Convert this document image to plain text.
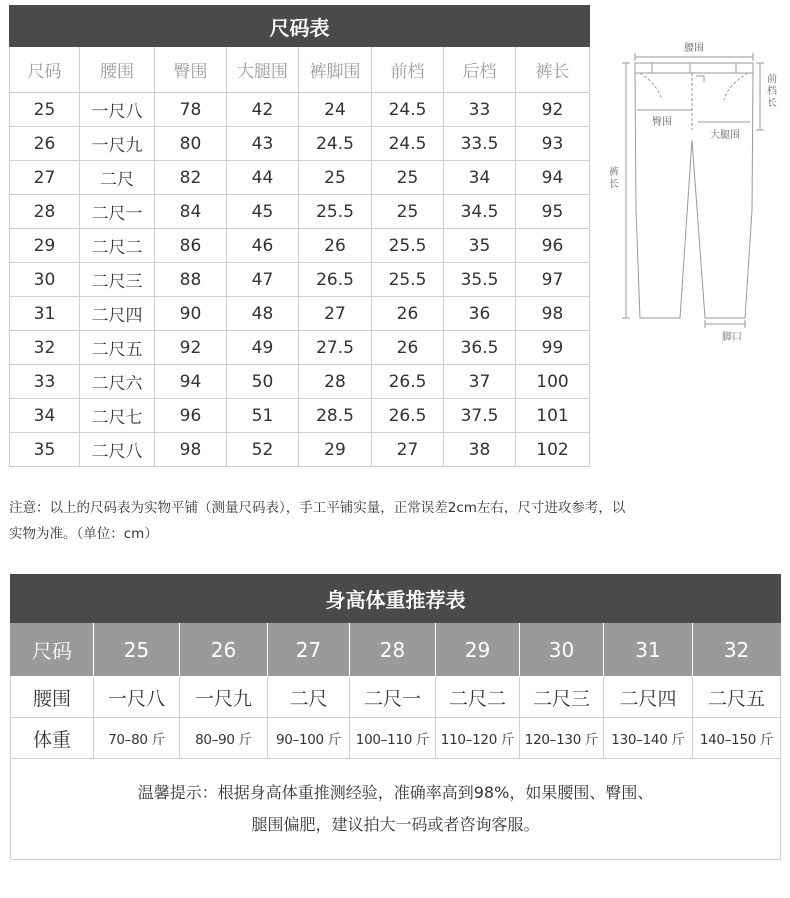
尺码表							
尺码	腰围	臀围	大腿围	裤脚围	前档	后档	裤长
25	一尺八	78	42	24	24.5	33	92
26	一尺九	80	43	24.5	24.5	33.5	93
27	二尺	82	44	25	25	34	94
28	二尺一	84	45	25.5	25	34.5	95
29	二尺二	86	46	26	25.5	35	96
30	二尺三	88	47	26.5	25.5	35.5	97
31	二尺四	90	48	27	26	36	98
32	二尺五	92	49	27.5	26	36.5	99
33	二尺六	94	50	28	26.5	37	100
34	二尺七	96	51	28.5	26.5	37.5	101
35	二尺八	98	52	29	27	38	102
腰围
前
档
长
臀围
大腿围
裤
长
脚口

注意：以上的尺码表为实物平铺（测量尺码表），手工平铺实量，正常误差2cm左右，尺寸进攻参考，以
实物为准。（单位：cm）

身高体重推荐表								
尺码	25	26	27	28	29	30	31	32
腰围	一尺八	一尺九	二尺	二尺一	二尺二	二尺三	二尺四	二尺五
体重	70–80 斤	80–90 斤	90–100 斤	100–110 斤	110–120 斤	120–130 斤	130–140 斤	140–150 斤
温馨提示：根据身高体重推测经验，准确率高到98%，如果腰围、臀围、
腿围偏肥，建议拍大一码或者咨询客服。								
